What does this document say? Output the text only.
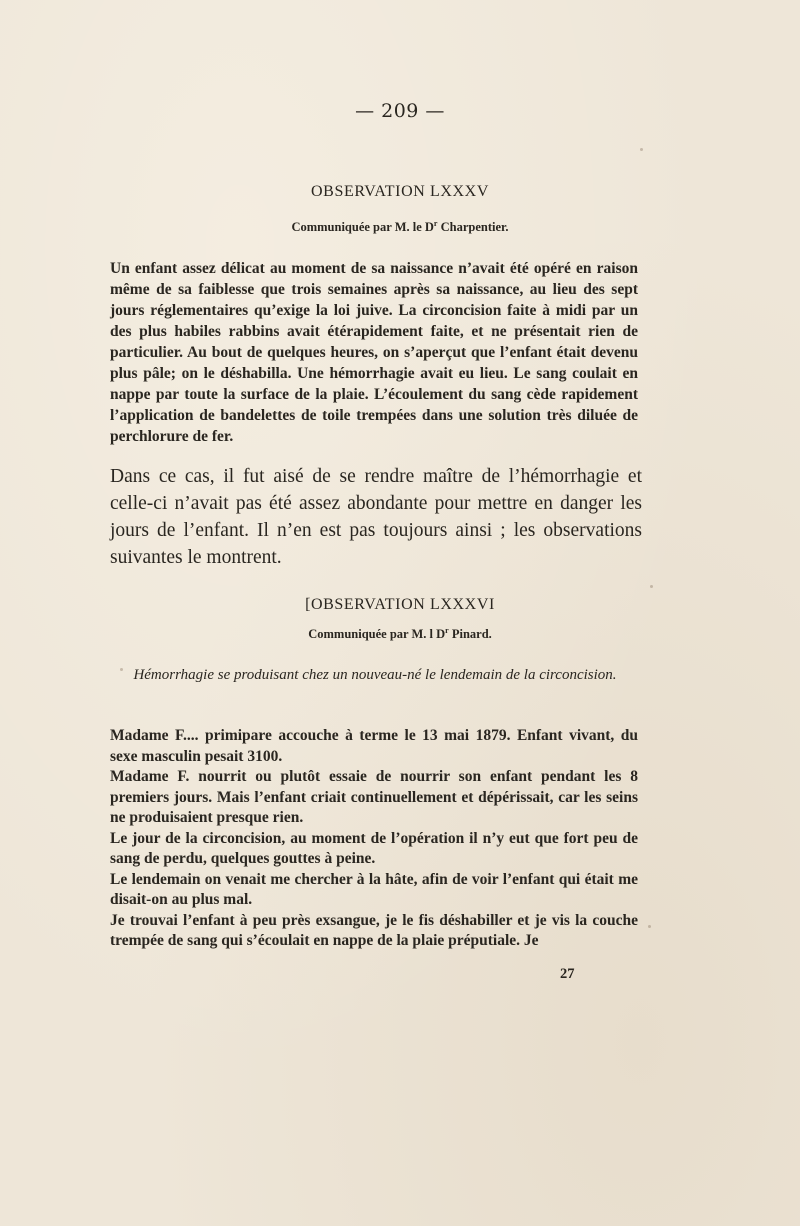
— 209 —
OBSERVATION LXXXV
Communiquée par M. le $D^r$ Charpentier.

Un enfant assez délicat au moment de sa naissance n’avait été opéré en raison même de sa faiblesse que trois semaines après sa naissance, au lieu des sept jours réglementaires qu’exige la loi juive. La circoncision faite à midi par un des plus habiles rabbins avait étérapidement faite, et ne présentait rien de particulier. Au bout de quelques heures, on s’aperçut que l’enfant était devenu plus pâle; on le déshabilla. Une hémorrhagie avait eu lieu. Le sang coulait en nappe par toute la surface de la plaie. L’écoulement du sang cède rapidement l’application de bandelettes de toile trempées dans une solution très diluée de perchlorure de fer.

Dans ce cas, il fut aisé de se rendre maître de l’hémorrhagie et celle-ci n’avait pas été assez abondante pour mettre en danger les jours de l’enfant. Il n’en est pas toujours ainsi ; les observations suivantes le montrent.

[OBSERVATION LXXXVI
Communiquée par M. l $D^r$ Pinard.
Hémorrhagie se produisant chez un nouveau-né le lendemain de la circoncision.

Madame F.... primipare accouche à terme le 13 mai 1879. Enfant vivant, du sexe masculin pesait 3100.

Madame F. nourrit ou plutôt essaie de nourrir son enfant pendant les 8 premiers jours. Mais l’enfant criait continuellement et dépérissait, car les seins ne produisaient presque rien.

Le jour de la circoncision, au moment de l’opération il n’y eut que fort peu de sang de perdu, quelques gouttes à peine.

Le lendemain on venait me chercher à la hâte, afin de voir l’enfant qui était me disait-on au plus mal.

Je trouvai l’enfant à peu près exsangue, je le fis déshabiller et je vis la couche trempée de sang qui s’écoulait en nappe de la plaie préputiale. Je

27
